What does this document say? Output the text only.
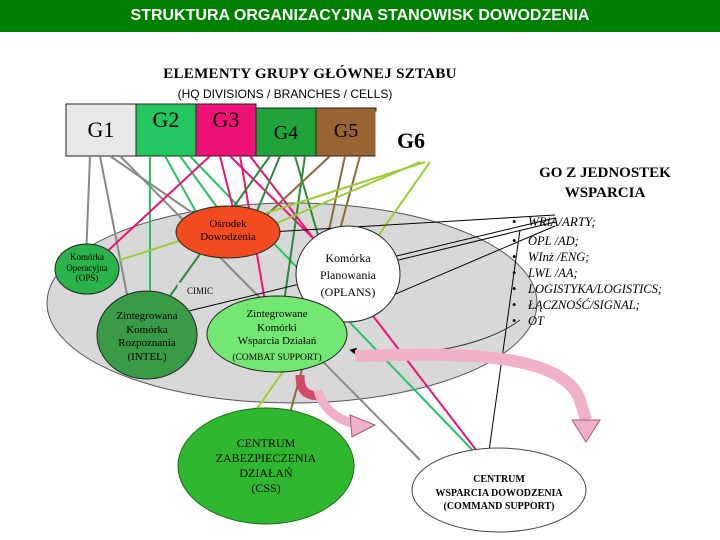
STRUKTURA ORGANIZACYJNA STANOWISK DOWODZENIA
ELEMENTY GRUPY GŁÓWNEJ SZTABU
(HQ DIVISIONS / BRANCHES / CELLS)
G1	G2	G3
G4	G5	G6
GO Z JEDNOSTEK
WSPARCIA
• WRiA/ARTY;
• OPL /AD;
• WInż /ENG;
• LWL /AA;
• LOGISTYKA/LOGISTICS;
• ŁĄCZNOŚĆ/SIGNAL;
• OT
Ośrodek
Dowodzenia
Komórka
Operacyjna
(OPS)
Komórka
Planowania
(OPLANS)
CIMIC
Zintegrowana
Komórka
Rozpoznania
(INTEL)
Zintegrowane
Komórki
Wsparcia Działań
(COMBAT SUPPORT)
CENTRUM
ZABEZPIECZENIA
DZIAŁAŃ
(CSS)
CENTRUM
WSPARCIA DOWODZENIA
(COMMAND SUPPORT)
